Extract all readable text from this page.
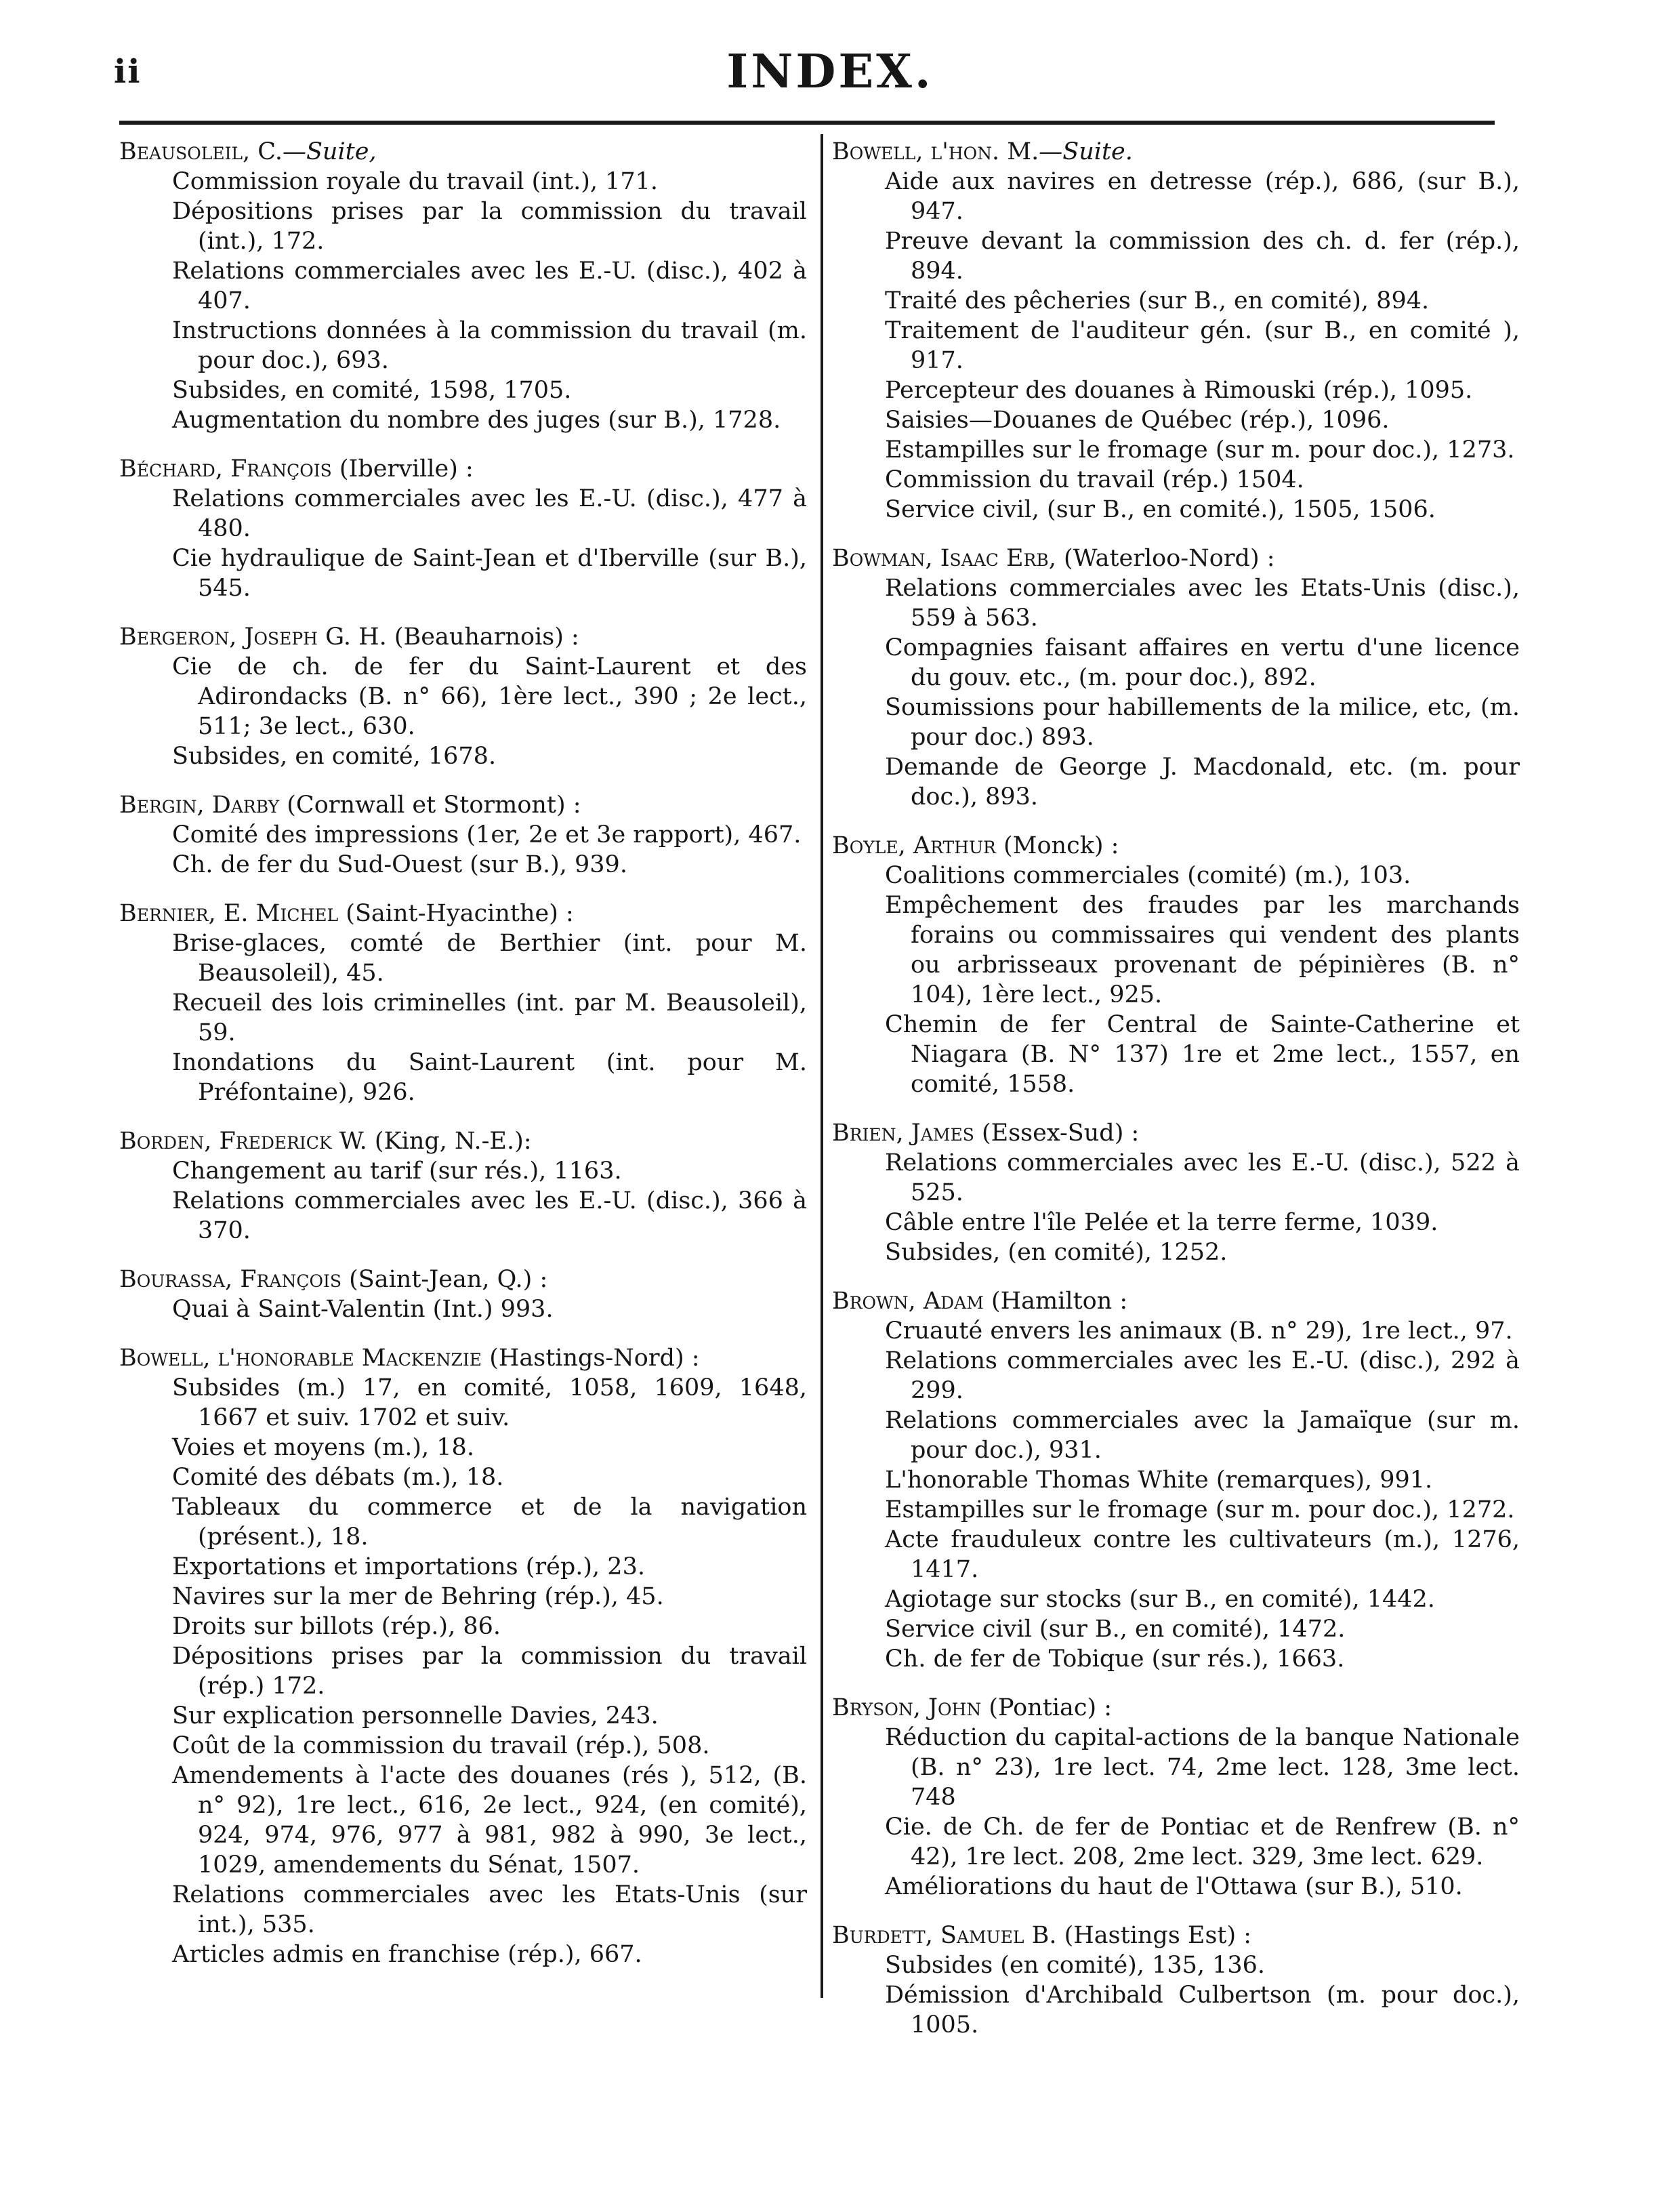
ii	INDEX.
Beausoleil, C.—Suite,
Commission royale du travail (int.), 171.
Dépositions prises par la commission du travail (int.), 172.
Relations commerciales avec les E.-U. (disc.), 402 à 407.
Instructions données à la commission du travail (m. pour doc.), 693.
Subsides, en comité, 1598, 1705.
Augmentation du nombre des juges (sur B.), 1728.
Béchard, François (Iberville) :
Relations commerciales avec les E.-U. (disc.), 477 à 480.
Cie hydraulique de Saint-Jean et d'Iberville (sur B.), 545.
Bergeron, Joseph G. H. (Beauharnois) :
Cie de ch. de fer du Saint-Laurent et des Adirondacks (B. n° 66), 1ère lect., 390 ; 2e lect., 511; 3e lect., 630.
Subsides, en comité, 1678.
Bergin, Darby (Cornwall et Stormont) :
Comité des impressions (1er, 2e et 3e rapport), 467.
Ch. de fer du Sud-Ouest (sur B.), 939.
Bernier, E. Michel (Saint-Hyacinthe) :
Brise-glaces, comté de Berthier (int. pour M. Beausoleil), 45.
Recueil des lois criminelles (int. par M. Beausoleil), 59.
Inondations du Saint-Laurent (int. pour M. Préfontaine), 926.
Borden, Frederick W. (King, N.-E.):
Changement au tarif (sur rés.), 1163.
Relations commerciales avec les E.-U. (disc.), 366 à 370.
Bourassa, François (Saint-Jean, Q.) :
Quai à Saint-Valentin (Int.) 993.
Bowell, l'honorable Mackenzie (Hastings-Nord) :
Subsides (m.) 17, en comité, 1058, 1609, 1648, 1667 et suiv. 1702 et suiv.
Voies et moyens (m.), 18.
Comité des débats (m.), 18.
Tableaux du commerce et de la navigation (présent.), 18.
Exportations et importations (rép.), 23.
Navires sur la mer de Behring (rép.), 45.
Droits sur billots (rép.), 86.
Dépositions prises par la commission du travail (rép.) 172.
Sur explication personnelle Davies, 243.
Coût de la commission du travail (rép.), 508.
Amendements à l'acte des douanes (rés ), 512, (B. n° 92), 1re lect., 616, 2e lect., 924, (en comité), 924, 974, 976, 977 à 981, 982 à 990, 3e lect., 1029, amendements du Sénat, 1507.
Relations commerciales avec les Etats-Unis (sur int.), 535.
Articles admis en franchise (rép.), 667.
Bowell, l'hon. M.—Suite.
Aide aux navires en detresse (rép.), 686, (sur B.), 947.
Preuve devant la commission des ch. d. fer (rép.), 894.
Traité des pêcheries (sur B., en comité), 894.
Traitement de l'auditeur gén. (sur B., en comité ), 917.
Percepteur des douanes à Rimouski (rép.), 1095.
Saisies—Douanes de Québec (rép.), 1096.
Estampilles sur le fromage (sur m. pour doc.), 1273.
Commission du travail (rép.) 1504.
Service civil, (sur B., en comité.), 1505, 1506.
Bowman, Isaac Erb, (Waterloo-Nord) :
Relations commerciales avec les Etats-Unis (disc.), 559 à 563.
Compagnies faisant affaires en vertu d'une licence du gouv. etc., (m. pour doc.), 892.
Soumissions pour habillements de la milice, etc, (m. pour doc.) 893.
Demande de George J. Macdonald, etc. (m. pour doc.), 893.
Boyle, Arthur (Monck) :
Coalitions commerciales (comité) (m.), 103.
Empêchement des fraudes par les marchands forains ou commissaires qui vendent des plants ou arbrisseaux provenant de pépinières (B. n° 104), 1ère lect., 925.
Chemin de fer Central de Sainte-Catherine et Niagara (B. N° 137) 1re et 2me lect., 1557, en comité, 1558.
Brien, James (Essex-Sud) :
Relations commerciales avec les E.-U. (disc.), 522 à 525.
Câble entre l'île Pelée et la terre ferme, 1039.
Subsides, (en comité), 1252.
Brown, Adam (Hamilton :
Cruauté envers les animaux (B. n° 29), 1re lect., 97.
Relations commerciales avec les E.-U. (disc.), 292 à 299.
Relations commerciales avec la Jamaïque (sur m. pour doc.), 931.
L'honorable Thomas White (remarques), 991.
Estampilles sur le fromage (sur m. pour doc.), 1272.
Acte frauduleux contre les cultivateurs (m.), 1276, 1417.
Agiotage sur stocks (sur B., en comité), 1442.
Service civil (sur B., en comité), 1472.
Ch. de fer de Tobique (sur rés.), 1663.
Bryson, John (Pontiac) :
Réduction du capital-actions de la banque Nationale (B. n° 23), 1re lect. 74, 2me lect. 128, 3me lect. 748
Cie. de Ch. de fer de Pontiac et de Renfrew (B. n° 42), 1re lect. 208, 2me lect. 329, 3me lect. 629.
Améliorations du haut de l'Ottawa (sur B.), 510.
Burdett, Samuel B. (Hastings Est) :
Subsides (en comité), 135, 136.
Démission d'Archibald Culbertson (m. pour doc.), 1005.
